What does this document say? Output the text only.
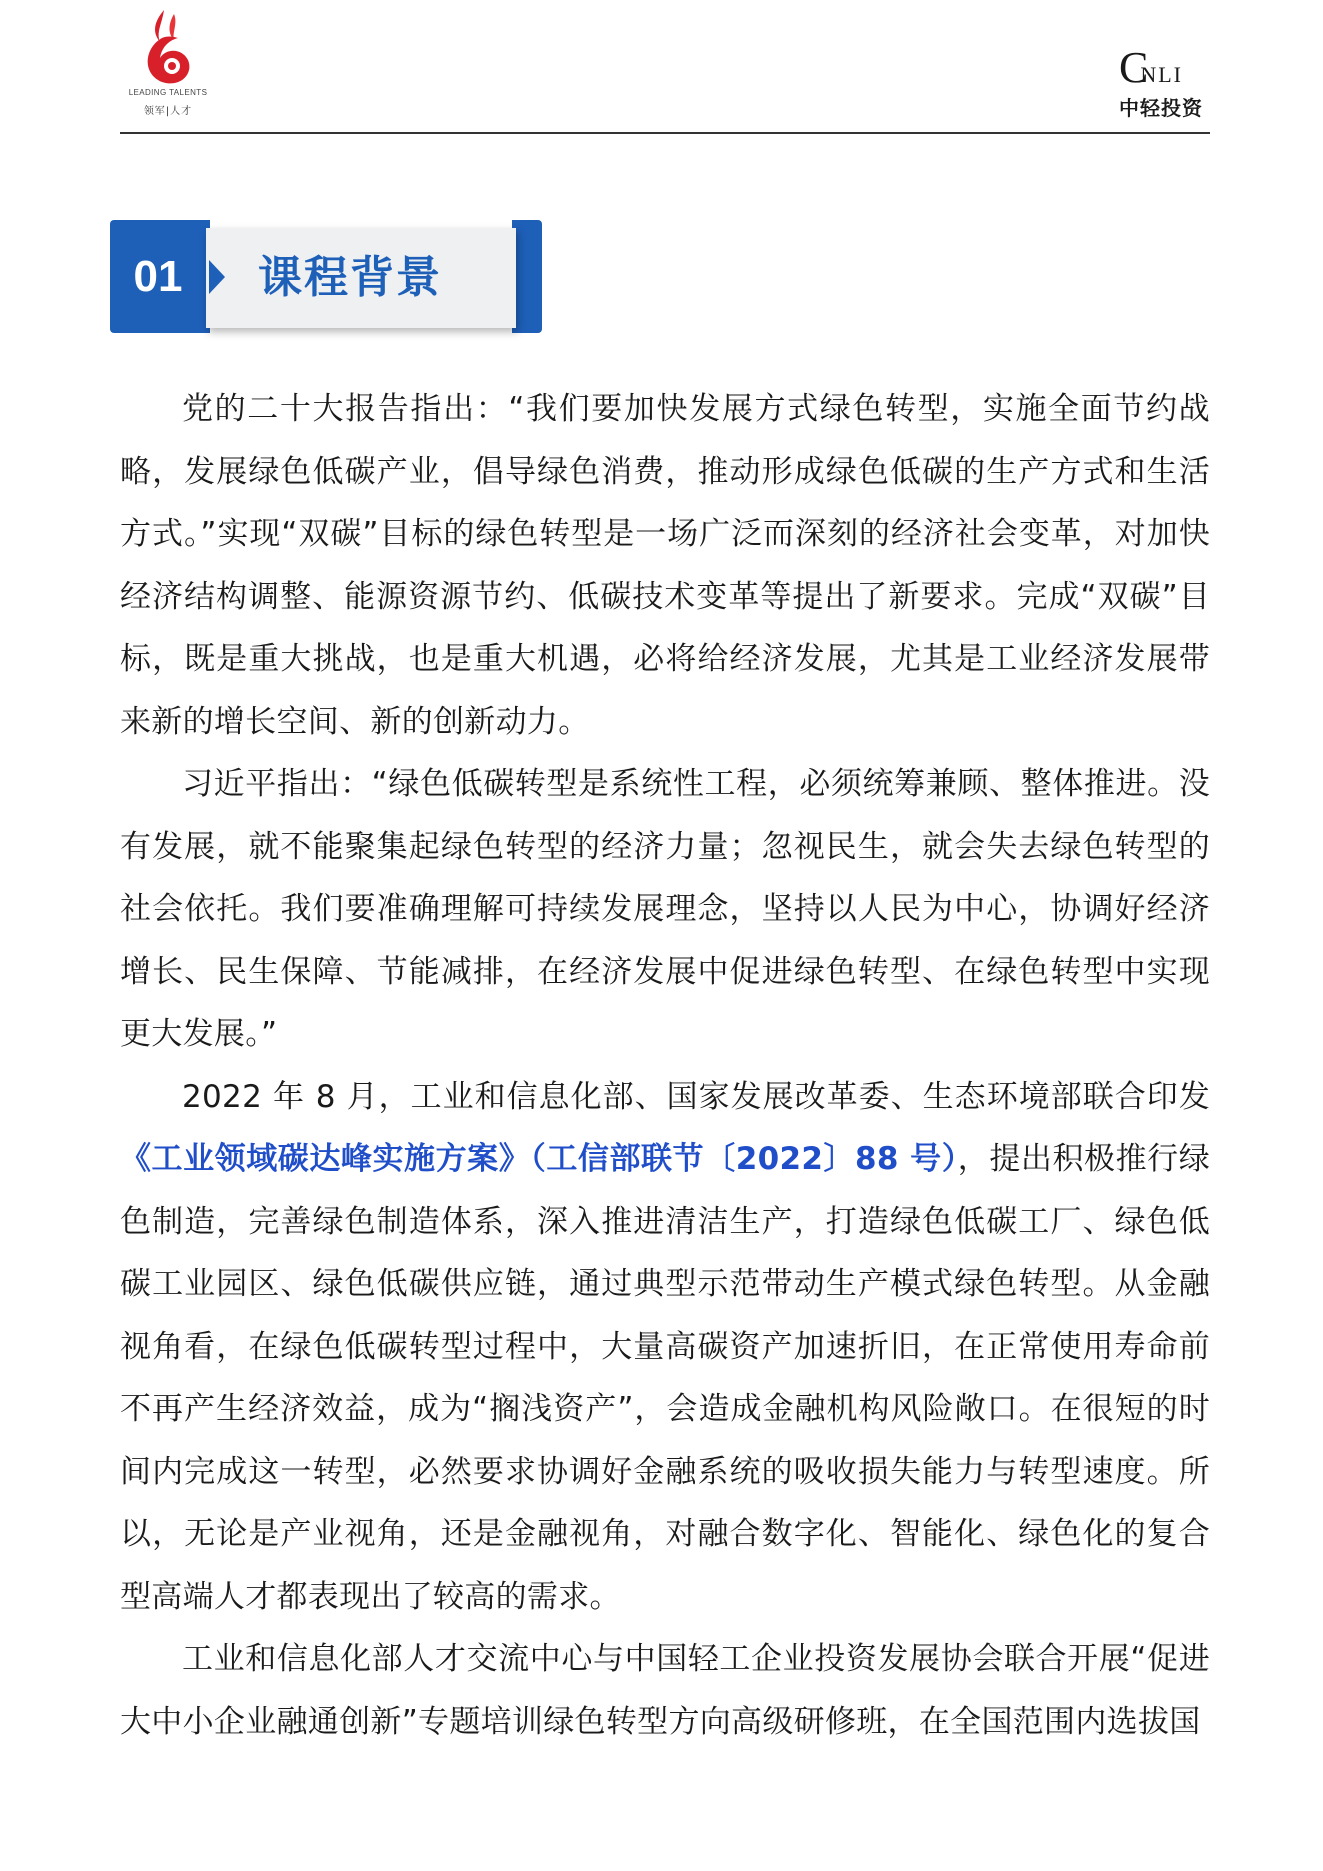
LEADING TALENTS
领军|人才
C
NLI
中轻投资
01	课程背景

党的二十大报告指出：“我们要加快发展方式绿色转型，实施全面节约战略，发展绿色低碳产业，倡导绿色消费，推动形成绿色低碳的生产方式和生活方式。”实现“双碳”目标的绿色转型是一场广泛而深刻的经济社会变革，对加快经济结构调整、能源资源节约、低碳技术变革等提出了新要求。完成“双碳”目标，既是重大挑战，也是重大机遇，必将给经济发展，尤其是工业经济发展带来新的增长空间、新的创新动力。

习近平指出：“绿色低碳转型是系统性工程，必须统筹兼顾、整体推进。没有发展，就不能聚集起绿色转型的经济力量；忽视民生，就会失去绿色转型的社会依托。我们要准确理解可持续发展理念，坚持以人民为中心，协调好经济增长、民生保障、节能减排，在经济发展中促进绿色转型、在绿色转型中实现更大发展。”

2022 年 8 月，工业和信息化部、国家发展改革委、生态环境部联合印发《工业领域碳达峰实施方案》（工信部联节〔2022〕88 号），提出积极推行绿色制造，完善绿色制造体系，深入推进清洁生产，打造绿色低碳工厂、绿色低碳工业园区、绿色低碳供应链，通过典型示范带动生产模式绿色转型。从金融视角看，在绿色低碳转型过程中，大量高碳资产加速折旧，在正常使用寿命前不再产生经济效益，成为“搁浅资产”，会造成金融机构风险敞口。在很短的时间内完成这一转型，必然要求协调好金融系统的吸收损失能力与转型速度。所以，无论是产业视角，还是金融视角，对融合数字化、智能化、绿色化的复合型高端人才都表现出了较高的需求。

工业和信息化部人才交流中心与中国轻工企业投资发展协会联合开展“促进大中小企业融通创新”专题培训绿色转型方向高级研修班，在全国范围内选拔国
